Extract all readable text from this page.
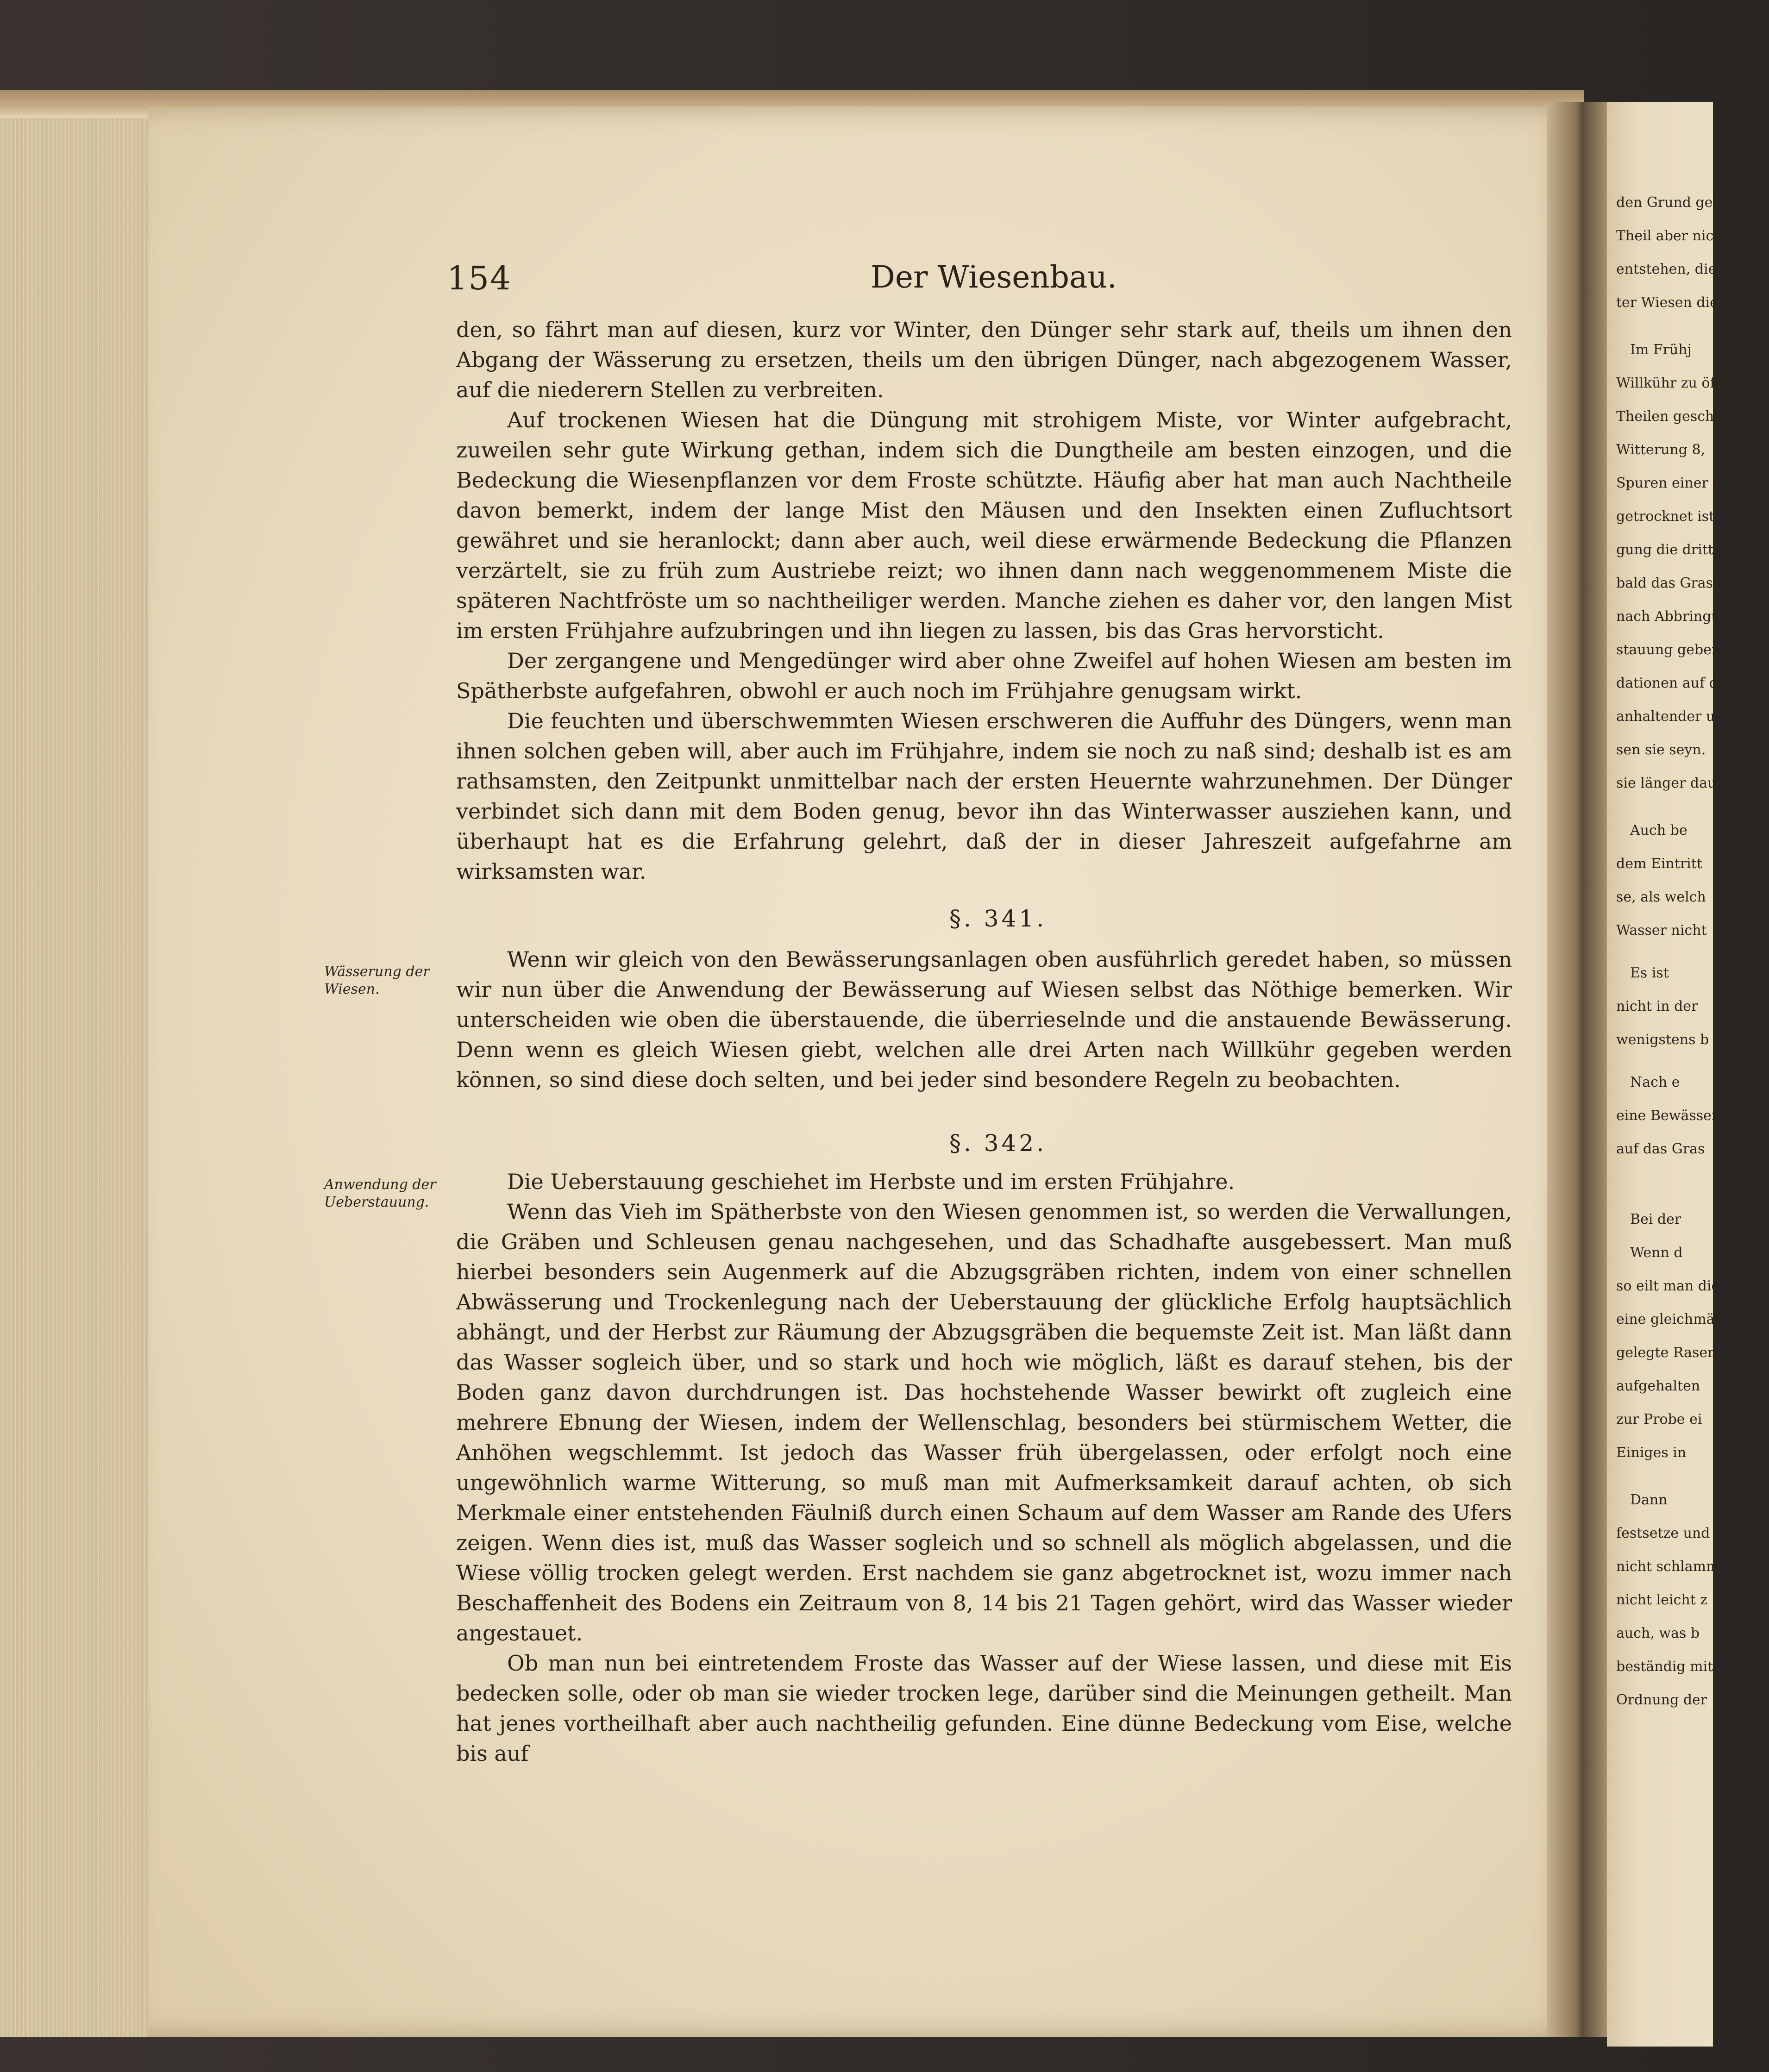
154	Der Wiesenbau.

den, so fährt man auf diesen, kurz vor Winter, den Dünger sehr stark auf, theils um ihnen den Abgang der Wässerung zu ersetzen, theils um den übrigen Dünger, nach abgezogenem Wasser, auf die niederern Stellen zu verbreiten.

Auf trockenen Wiesen hat die Düngung mit strohigem Miste, vor Winter aufgebracht, zuweilen sehr gute Wirkung gethan, indem sich die Dungtheile am besten einzogen, und die Bedeckung die Wiesenpflanzen vor dem Froste schützte. Häufig aber hat man auch Nachtheile davon bemerkt, indem der lange Mist den Mäusen und den Insekten einen Zufluchtsort gewähret und sie heranlockt; dann aber auch, weil diese erwärmende Bedeckung die Pflanzen verzärtelt, sie zu früh zum Austriebe reizt; wo ihnen dann nach weggenommenem Miste die späteren Nachtfröste um so nachtheiliger werden. Manche ziehen es daher vor, den langen Mist im ersten Frühjahre aufzubringen und ihn liegen zu lassen, bis das Gras hervorsticht.

Der zergangene und Mengedünger wird aber ohne Zweifel auf hohen Wiesen am besten im Spätherbste aufgefahren, obwohl er auch noch im Frühjahre genugsam wirkt.

Die feuchten und überschwemmten Wiesen erschweren die Auffuhr des Düngers, wenn man ihnen solchen geben will, aber auch im Frühjahre, indem sie noch zu naß sind; deshalb ist es am rathsamsten, den Zeitpunkt unmittelbar nach der ersten Heuernte wahrzunehmen. Der Dünger verbindet sich dann mit dem Boden genug, bevor ihn das Winterwasser ausziehen kann, und überhaupt hat es die Erfahrung gelehrt, daß der in dieser Jahreszeit aufgefahrne am wirksamsten war.

§. 341.
Wässerung der Wiesen.

Wenn wir gleich von den Bewässerungsanlagen oben ausführlich geredet haben, so müssen wir nun über die Anwendung der Bewässerung auf Wiesen selbst das Nöthige bemerken. Wir unterscheiden wie oben die überstauende, die überrieselnde und die anstauende Bewässerung. Denn wenn es gleich Wiesen giebt, welchen alle drei Arten nach Willkühr gegeben werden können, so sind diese doch selten, und bei jeder sind besondere Regeln zu beobachten.

§. 342.
Anwendung der Ueberstauung.

Die Ueberstauung geschiehet im Herbste und im ersten Frühjahre.

Wenn das Vieh im Spätherbste von den Wiesen genommen ist, so werden die Verwallungen, die Gräben und Schleusen genau nachgesehen, und das Schadhafte ausgebessert. Man muß hierbei besonders sein Augenmerk auf die Abzugsgräben richten, indem von einer schnellen Abwässerung und Trockenlegung nach der Ueberstauung der glückliche Erfolg hauptsächlich abhängt, und der Herbst zur Räumung der Abzugsgräben die bequemste Zeit ist. Man läßt dann das Wasser sogleich über, und so stark und hoch wie möglich, läßt es darauf stehen, bis der Boden ganz davon durchdrungen ist. Das hochstehende Wasser bewirkt oft zugleich eine mehrere Ebnung der Wiesen, indem der Wellenschlag, besonders bei stürmischem Wetter, die Anhöhen wegschlemmt. Ist jedoch das Wasser früh übergelassen, oder erfolgt noch eine ungewöhnlich warme Witterung, so muß man mit Aufmerksamkeit darauf achten, ob sich Merkmale einer entstehenden Fäulniß durch einen Schaum auf dem Wasser am Rande des Ufers zeigen. Wenn dies ist, muß das Wasser sogleich und so schnell als möglich abgelassen, und die Wiese völlig trocken gelegt werden. Erst nachdem sie ganz abgetrocknet ist, wozu immer nach Beschaffenheit des Bodens ein Zeitraum von 8, 14 bis 21 Tagen gehört, wird das Wasser wieder angestauet.

Ob man nun bei eintretendem Froste das Wasser auf der Wiese lassen, und diese mit Eis bedecken solle, oder ob man sie wieder trocken lege, darüber sind die Meinungen getheilt. Man hat jenes vortheilhaft aber auch nachtheilig gefunden. Eine dünne Bedeckung vom Eise, welche bis auf

den Grund gefror
Theil aber nicht,
entstehen, die in
ter Wiesen die A
Im Frühj
Willkühr zu öffn
Theilen geschwä
Witterung 8,
Spuren einer e
getrocknet ist,
gung die dritte,
bald das Gras a
nach Abbringun
stauung geben,
dationen auf de
anhaltender u
sen sie seyn.
sie länger dau
Auch be
dem Eintritt
se, als welch
Wasser nicht
Es ist
nicht in der
wenigstens b
Nach e
eine Bewässer
auf das Gras
Bei der
Wenn d
so eilt man die
eine gleichmäß
gelegte Rasen
aufgehalten
zur Probe ei
Einiges in
Dann
festsetze und
nicht schlamm
nicht leicht z
auch, was b
beständig mit
Ordnung der
